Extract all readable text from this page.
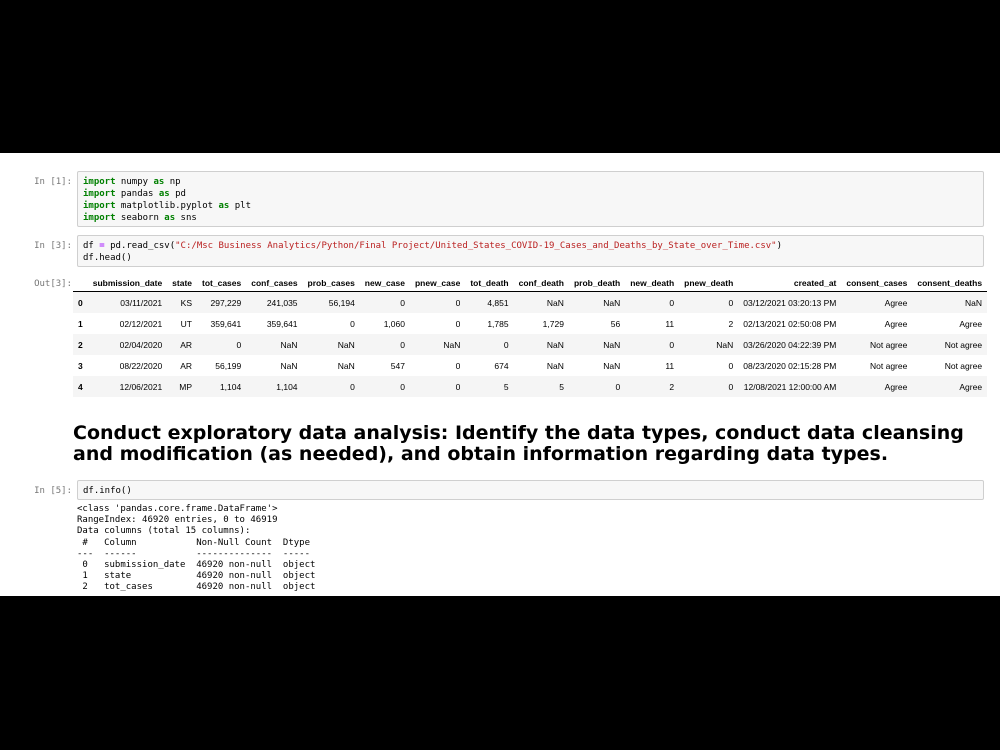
In [1]:	import numpy as np
import pandas as pd
import matplotlib.pyplot as plt
import seaborn as sns
In [3]:	df = pd.read_csv("C:/Msc Business Analytics/Python/Final Project/United_States_COVID-19_Cases_and_Deaths_by_State_over_Time.csv")
df.head()
Out[3]:
	submission_date	state	tot_cases	conf_cases	prob_cases	new_case	pnew_case	tot_death	conf_death	prob_death	new_death	pnew_death	created_at	consent_cases	consent_deaths
0	03/11/2021	KS	297,229	241,035	56,194	0	0	4,851	NaN	NaN	0	0	03/12/2021 03:20:13 PM	Agree	NaN
1	02/12/2021	UT	359,641	359,641	0	1,060	0	1,785	1,729	56	11	2	02/13/2021 02:50:08 PM	Agree	Agree
2	02/04/2020	AR	0	NaN	NaN	0	NaN	0	NaN	NaN	0	NaN	03/26/2020 04:22:39 PM	Not agree	Not agree
3	08/22/2020	AR	56,199	NaN	NaN	547	0	674	NaN	NaN	11	0	08/23/2020 02:15:28 PM	Not agree	Not agree
4	12/06/2021	MP	1,104	1,104	0	0	0	5	5	0	2	0	12/08/2021 12:00:00 AM	Agree	Agree
Conduct exploratory data analysis: Identify the data types, conduct data cleansing and modification (as needed), and obtain information regarding data types.
In [5]:	df.info()
<class 'pandas.core.frame.DataFrame'>
RangeIndex: 46920 entries, 0 to 46919
Data columns (total 15 columns):
#   Column           Non-Null Count  Dtype
---  ------           --------------  -----
0   submission_date  46920 non-null  object
1   state            46920 non-null  object
2   tot_cases        46920 non-null  object
